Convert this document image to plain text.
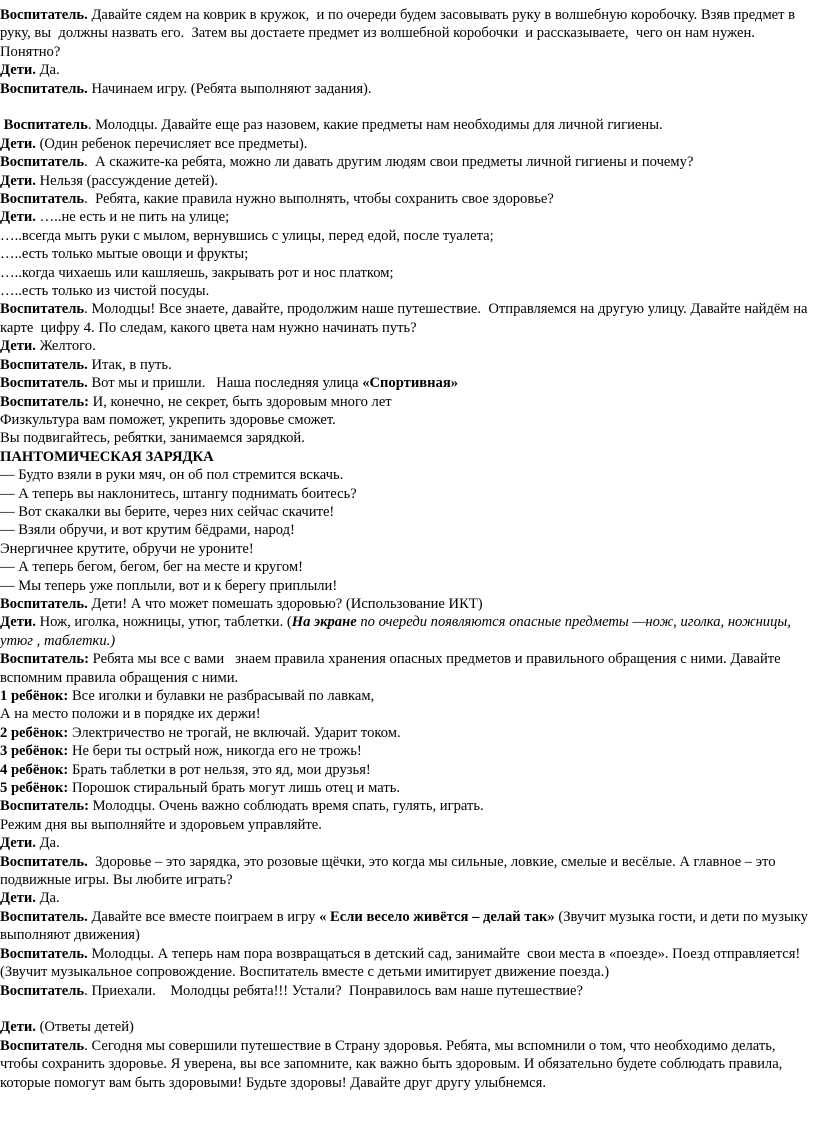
Воспитатель. Давайте сядем на коврик в кружок,  и по очереди будем засовывать руку в волшебную коробочку. Взяв предмет в руку, вы  должны назвать его.  Затем вы достаете предмет из волшебной коробочки  и рассказываете,  чего он нам нужен. Понятно?

Дети. Да.

Воспитатель. Начинаем игру. (Ребята выполняют задания).

Воспитатель. Молодцы. Давайте еще раз назовем, какие предметы нам необходимы для личной гигиены.

Дети. (Один ребенок перечисляет все предметы).

Воспитатель.  А скажите-ка ребята, можно ли давать другим людям свои предметы личной гигиены и почему?

Дети. Нельзя (рассуждение детей).

Воспитатель.  Ребята, какие правила нужно выполнять, чтобы сохранить свое здоровье?

Дети. …..не есть и не пить на улице;

…..всегда мыть руки с мылом, вернувшись с улицы, перед едой, после туалета;

…..есть только мытые овощи и фрукты;

…..когда чихаешь или кашляешь, закрывать рот и нос платком;

…..есть только из чистой посуды.

Воспитатель. Молодцы! Все знаете, давайте, продолжим наше путешествие.  Отправляемся на другую улицу. Давайте найдём на карте  цифру 4. По следам, какого цвета нам нужно начинать путь?

Дети. Желтого.

Воспитатель. Итак, в путь.

Воспитатель. Вот мы и пришли.   Наша последняя улица «Спортивная»

Воспитатель: И, конечно, не секрет, быть здоровым много лет

Физкультура вам поможет, укрепить здоровье сможет.

Вы подвигайтесь, ребятки, занимаемся зарядкой.

ПАНТОМИЧЕСКАЯ ЗАРЯДКА

— Будто взяли в руки мяч, он об пол стремится вскачь.

— А теперь вы наклонитесь, штангу поднимать боитесь?

— Вот скакалки вы берите, через них сейчас скачите!

— Взяли обручи, и вот крутим бёдрами, народ!

Энергичнее крутите, обручи не уроните!

— А теперь бегом, бегом, бег на месте и кругом!

— Мы теперь уже поплыли, вот и к берегу приплыли!

Воспитатель. Дети! А что может помешать здоровью? (Использование ИКТ)

Дети. Нож, иголка, ножницы, утюг, таблетки. (На экране по очереди появляются опасные предметы —нож, иголка, ножницы, утюг , таблетки.)

Воспитатель: Ребята мы все с вами   знаем правила хранения опасных предметов и правильного обращения с ними. Давайте вспомним правила обращения с ними.

1 ребёнок: Все иголки и булавки не разбрасывай по лавкам,

А на место положи и в порядке их держи!

2 ребёнок: Электричество не трогай, не включай. Ударит током.

3 ребёнок: Не бери ты острый нож, никогда его не трожь!

4 ребёнок: Брать таблетки в рот нельзя, это яд, мои друзья!

5 ребёнок: Порошок стиральный брать могут лишь отец и мать.

Воспитатель: Молодцы. Очень важно соблюдать время спать, гулять, играть.

Режим дня вы выполняйте и здоровьем управляйте.

Дети. Да.

Воспитатель.  Здоровье – это зарядка, это розовые щёчки, это когда мы сильные, ловкие, смелые и весёлые. А главное – это подвижные игры. Вы любите играть?

Дети. Да.

Воспитатель. Давайте все вместе поиграем в игру « Если весело живётся – делай так» (Звучит музыка гости, и дети по музыку выполняют движения)

Воспитатель. Молодцы. А теперь нам пора возвращаться в детский сад, занимайте  свои места в «поезде». Поезд отправляется! (Звучит музыкальное сопровождение. Воспитатель вместе с детьми имитирует движение поезда.)

Воспитатель. Приехали.    Молодцы ребята!!! Устали?  Понравилось вам наше путешествие?

Дети. (Ответы детей)

Воспитатель. Сегодня мы совершили путешествие в Страну здоровья. Ребята, мы вспомнили о том, что необходимо делать, чтобы сохранить здоровье. Я уверена, вы все запомните, как важно быть здоровым. И обязательно будете соблюдать правила, которые помогут вам быть здоровыми! Будьте здоровы! Давайте друг другу улыбнемся.
